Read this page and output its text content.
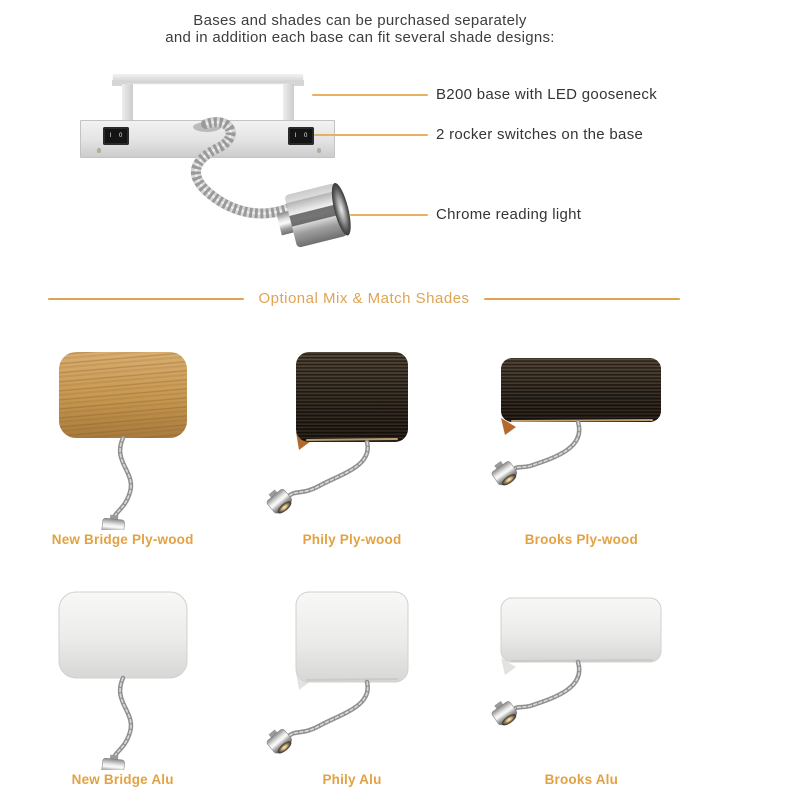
Bases and shades can be purchased separately
and in addition each base can fit several shade designs:
I 0	I 0
B200 base with LED gooseneck
2 rocker switches on the base
Chrome reading light
Optional Mix & Match Shades
New Bridge Ply-wood	Phily Ply-wood	Brooks Ply-wood
New Bridge Alu	Phily Alu	Brooks Alu
